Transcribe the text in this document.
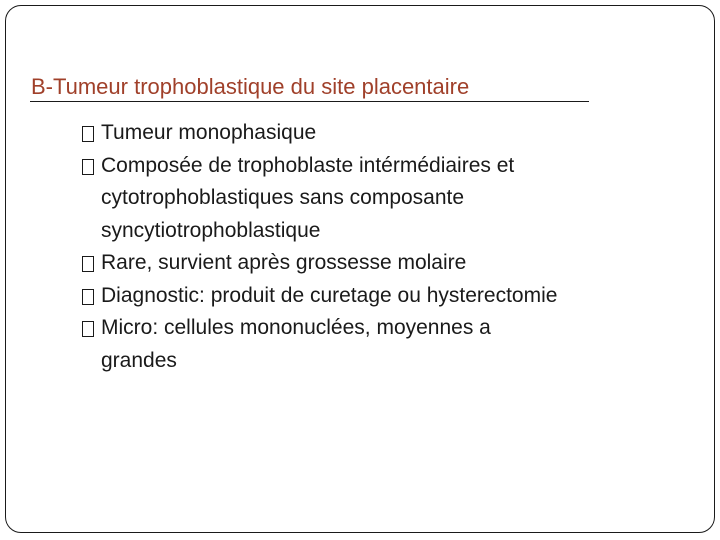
B-Tumeur trophoblastique du site placentaire
Tumeur monophasique
Composée de trophoblaste intérmédiaires et
cytotrophoblastiques sans composante
syncytiotrophoblastique
Rare, survient après grossesse molaire
Diagnostic: produit de curetage ou hysterectomie
Micro: cellules mononuclées, moyennes a
grandes
